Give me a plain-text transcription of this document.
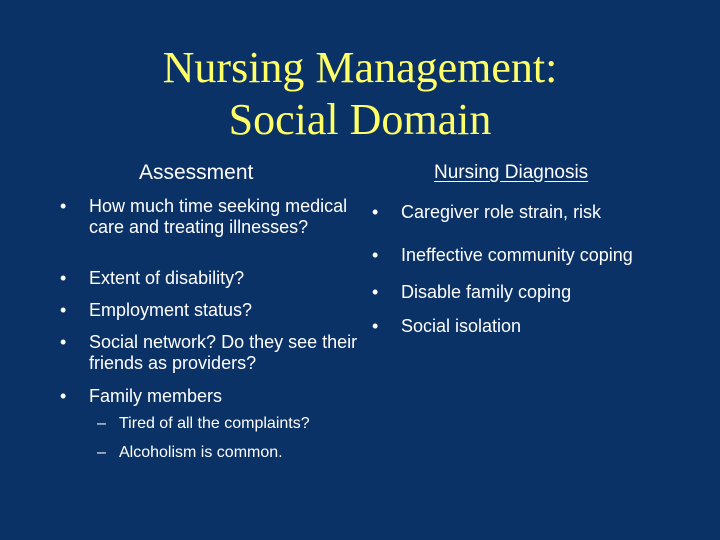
Nursing Management:
Social Domain
Assessment	Nursing Diagnosis
• How much time seeking medical care and treating illnesses?
• Extent of disability?
• Employment status?
• Social network? Do they see their friends as providers?
• Family members
– Tired of all the complaints?
– Alcoholism is common.
• Caregiver role strain, risk
• Ineffective community coping
• Disable family coping
• Social isolation
